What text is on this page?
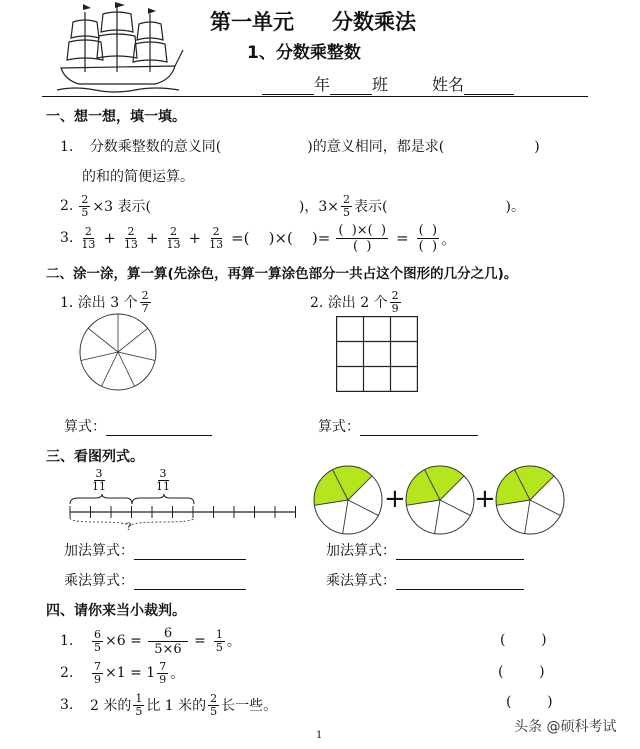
第一单元 分数乘法
1、分数乘整数
年	班	姓名
一、想一想，填一填。
1. 分数乘整数的意义同(	)的意义相同，都是求(	)
的和的简便运算。
2. $\frac{2}{5} \times 3$ 表示(	)，$3\times \frac{2}{5}$ 表示(	)。
3. $\frac{2}{13} + \frac{2}{13} + \frac{2}{13} + \frac{2}{13}$ =(    )×(    )= $\frac{( )\times( )}{( )} = \frac{( )}{( )}$ 。
二、涂一涂，算一算(先涂色，再算一算涂色部分一共占这个图形的几分之几)。
1. 涂出 3 个 $\frac{2}{7}$	2. 涂出 2 个 $\frac{2}{9}$
算式：	算式：
三、看图列式。
$\frac{3}{11}$	$\frac{3}{11}$
?
+	+
加法算式：
乘法算式：
加法算式：
乘法算式：
四、请你来当小裁判。
1.	$\frac{6}{5} \times 6 = \frac{6}{5\times 6} = \frac{1}{5}$ 。	(        )
2.	$\frac{7}{9} \times 1 = 1 \frac{7}{9}$ 。	(        )
3.	2 米的 $\frac{1}{5}$ 比 1 米的 $\frac{2}{5}$ 长一些。	(        )
1
头条 @硕科考试
